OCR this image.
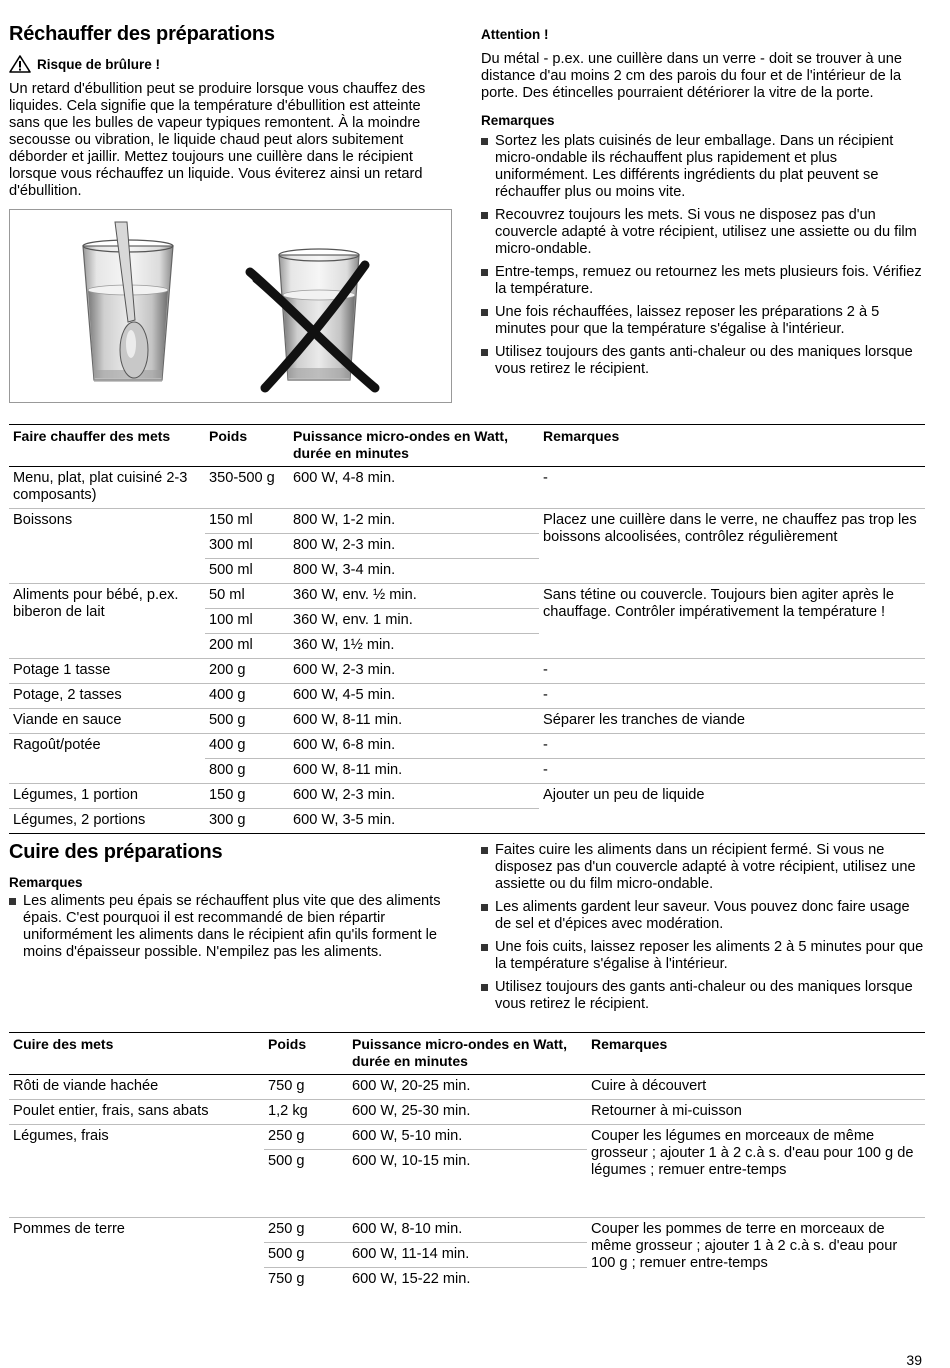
Réchauffer des préparations
Risque de brûlure !

Un retard d'ébullition peut se produire lorsque vous chauffez des liquides. Cela signifie que la température d'ébullition est atteinte sans que les bulles de vapeur typiques remontent. À la moindre secousse ou vibration, le liquide chaud peut alors subitement déborder et jaillir. Mettez toujours une cuillère dans le récipient lorsque vous réchauffez un liquide. Vous éviterez ainsi un retard d'ébullition.

Attention !

Du métal - p.ex. une cuillère dans un verre - doit se trouver à une distance d'au moins 2 cm des parois du four et de l'intérieur de la porte. Des étincelles pourraient détériorer la vitre de la porte.

Remarques
Sortez les plats cuisinés de leur emballage. Dans un récipient micro-ondable ils réchauffent plus rapidement et plus uniformément. Les différents ingrédients du plat peuvent se réchauffer plus ou moins vite.
Recouvrez toujours les mets. Si vous ne disposez pas d'un couvercle adapté à votre récipient, utilisez une assiette ou du film micro-ondable.
Entre-temps, remuez ou retournez les mets plusieurs fois. Vérifiez la température.
Une fois réchauffées, laissez reposer les préparations 2 à 5 minutes pour que la température s'égalise à l'intérieur.
Utilisez toujours des gants anti-chaleur ou des maniques lorsque vous retirez le récipient.
Faire chauffer des mets	Poids	Puissance micro-ondes en Watt, durée en minutes	Remarques
Menu, plat, plat cuisiné 2-3 composants)	350-500 g	600 W, 4-8 min.	-
Boissons	150 ml	800 W, 1-2 min.	Placez une cuillère dans le verre, ne chauffez pas trop les boissons alcoolisées, contrôlez régulièrement
	300 ml	800 W, 2-3 min.	
	500 ml	800 W, 3-4 min.	
Aliments pour bébé, p.ex. biberon de lait	50 ml	360 W, env. ½ min.	Sans tétine ou couvercle. Toujours bien agiter après le chauffage. Contrôler impérativement la température !
	100 ml	360 W, env. 1 min.	
	200 ml	360 W, 1½ min.	
Potage 1 tasse	200 g	600 W, 2-3 min.	-
Potage, 2 tasses	400 g	600 W, 4-5 min.	-
Viande en sauce	500 g	600 W, 8-11 min.	Séparer les tranches de viande
Ragoût/potée	400 g	600 W, 6-8 min.	-
	800 g	600 W, 8-11 min.	-
Légumes, 1 portion	150 g	600 W, 2-3 min.	Ajouter un peu de liquide
Légumes, 2 portions	300 g	600 W, 3-5 min.	
Cuire des préparations
Remarques
Les aliments peu épais se réchauffent plus vite que des aliments épais. C'est pourquoi il est recommandé de bien répartir uniformément les aliments dans le récipient afin qu'ils forment le moins d'épaisseur possible. N'empilez pas les aliments.
Faites cuire les aliments dans un récipient fermé. Si vous ne disposez pas d'un couvercle adapté à votre récipient, utilisez une assiette ou du film micro-ondable.
Les aliments gardent leur saveur. Vous pouvez donc faire usage de sel et d'épices avec modération.
Une fois cuits, laissez reposer les aliments 2 à 5 minutes pour que la température s'égalise à l'intérieur.
Utilisez toujours des gants anti-chaleur ou des maniques lorsque vous retirez le récipient.
Cuire des mets	Poids	Puissance micro-ondes en Watt, durée en minutes	Remarques
Rôti de viande hachée	750 g	600 W, 20-25 min.	Cuire à découvert
Poulet entier, frais, sans abats	1,2 kg	600 W, 25-30 min.	Retourner à mi-cuisson
Légumes, frais	250 g	600 W, 5-10 min.	Couper les légumes en morceaux de même grosseur ; ajouter 1 à 2 c.à s. d'eau pour 100 g de légumes ; remuer entre-temps
	500 g	600 W, 10-15 min.	
Pommes de terre	250 g	600 W, 8-10 min.	Couper les pommes de terre en morceaux de même grosseur ; ajouter 1 à 2 c.à s. d'eau pour 100 g ; remuer entre-temps
	500 g	600 W, 11-14 min.	
	750 g	600 W, 15-22 min.	
39
